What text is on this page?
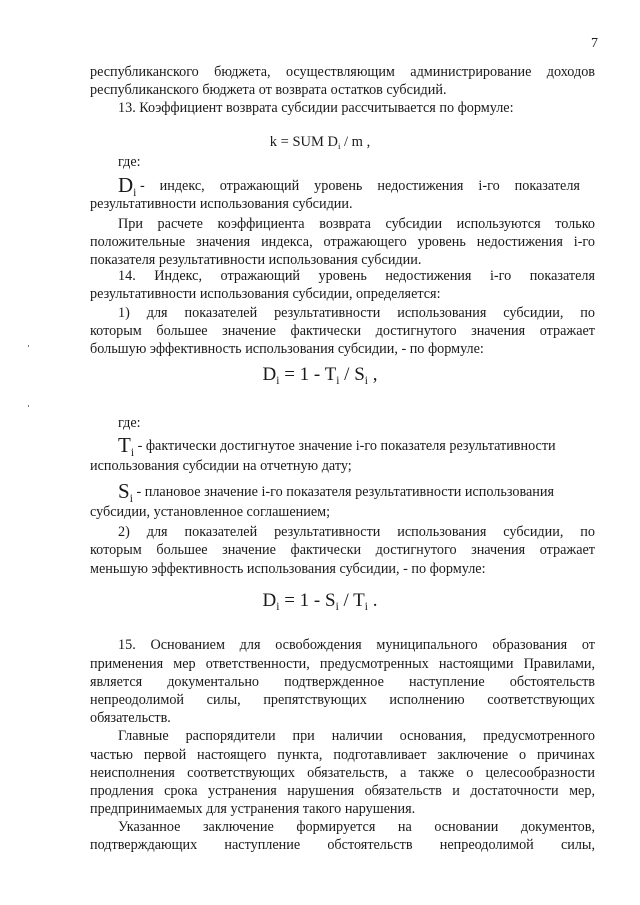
7
республиканского бюджета, осуществляющим администрирование доходов
республиканского бюджета от возврата остатков субсидий.
13. Коэффициент возврата субсидии рассчитывается по формуле:
k = SUM $D_i$ / m ,
где:
$D_i$ - индекс, отражающий уровень недостижения i-го показателя
результативности использования субсидии.
При расчете коэффициента возврата субсидии используются только
положительные значения индекса, отражающего уровень недостижения i-го
показателя результативности использования субсидии.
14. Индекс, отражающий уровень недостижения i-го показателя
результативности использования субсидии, определяется:
1) для показателей результативности использования субсидии, по
которым большее значение фактически достигнутого значения отражает
большую эффективность использования субсидии, - по формуле:
$D_i = 1 - T_i / S_i$ ,
где:
$T_i$ - фактически достигнутое значение i-го показателя результативности
использования субсидии на отчетную дату;
$S_i$ - плановое значение i-го показателя результативности использования
субсидии, установленное соглашением;
2) для показателей результативности использования субсидии, по
которым большее значение фактически достигнутого значения отражает
меньшую эффективность использования субсидии, - по формуле:
$D_i = 1 - S_i / T_i$ .
15. Основанием для освобождения муниципального образования от
применения мер ответственности, предусмотренных настоящими Правилами,
является документально подтвержденное наступление обстоятельств
непреодолимой силы, препятствующих исполнению соответствующих
обязательств.
Главные распорядители при наличии основания, предусмотренного
частью первой настоящего пункта, подготавливает заключение о причинах
неисполнения соответствующих обязательств, а также о целесообразности
продления срока устранения нарушения обязательств и достаточности мер,
предпринимаемых для устранения такого нарушения.
Указанное заключение формируется на основании документов,
подтверждающих наступление обстоятельств непреодолимой силы,
